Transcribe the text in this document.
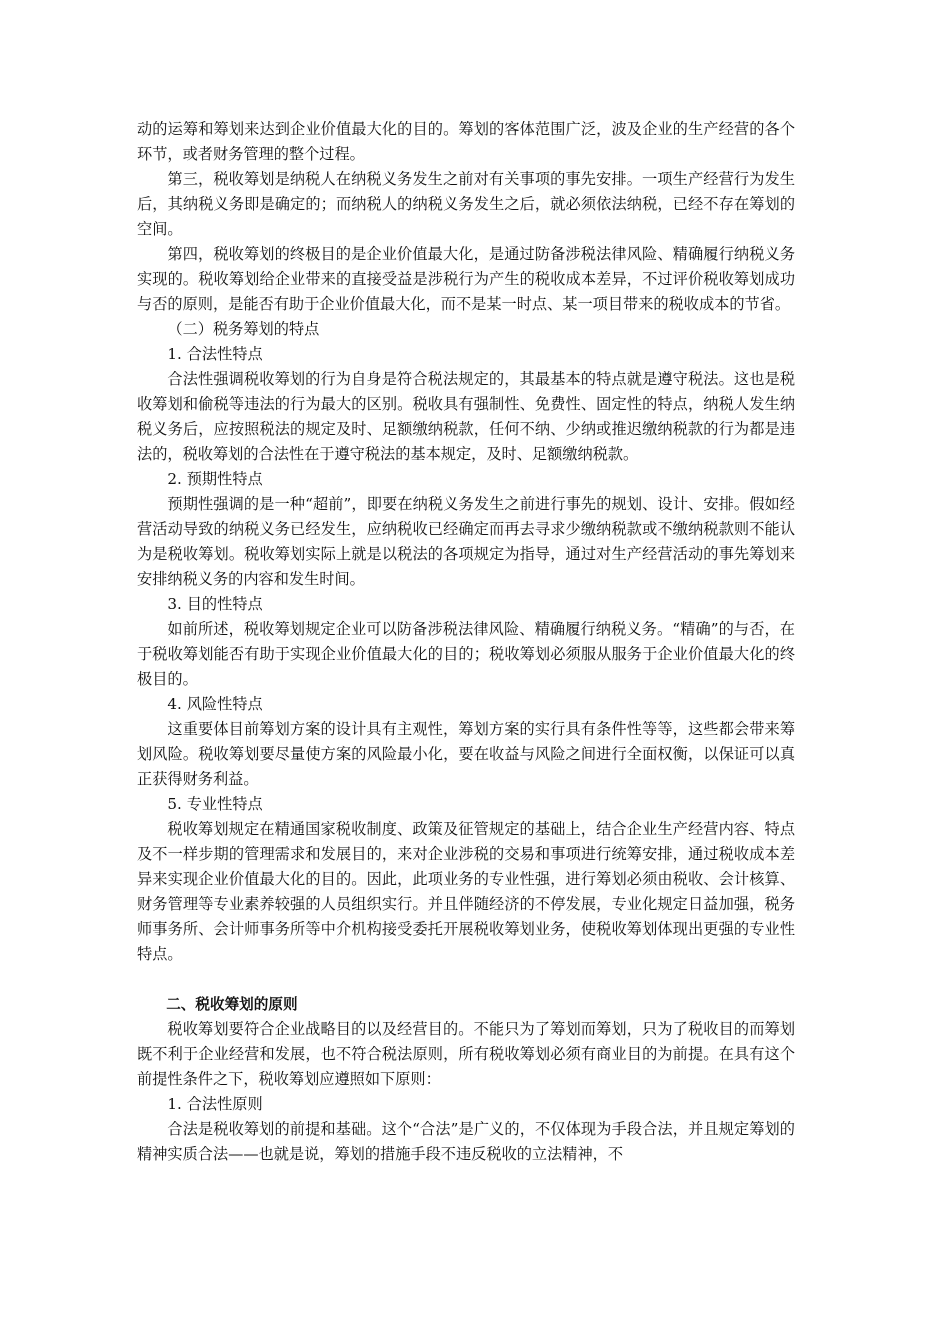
动的运筹和筹划来达到企业价值最大化的目的。筹划的客体范围广泛，波及企业的生产经营的各个环节，或者财务管理的整个过程。

第三，税收筹划是纳税人在纳税义务发生之前对有关事项的事先安排。一项生产经营行为发生后，其纳税义务即是确定的；而纳税人的纳税义务发生之后，就必须依法纳税，已经不存在筹划的空间。

第四，税收筹划的终极目的是企业价值最大化，是通过防备涉税法律风险、精确履行纳税义务实现的。税收筹划给企业带来的直接受益是涉税行为产生的税收成本差异，不过评价税收筹划成功与否的原则，是能否有助于企业价值最大化，而不是某一时点、某一项目带来的税收成本的节省。

（二）税务筹划的特点

1. 合法性特点

合法性强调税收筹划的行为自身是符合税法规定的，其最基本的特点就是遵守税法。这也是税收筹划和偷税等违法的行为最大的区别。税收具有强制性、免费性、固定性的特点，纳税人发生纳税义务后，应按照税法的规定及时、足额缴纳税款，任何不纳、少纳或推迟缴纳税款的行为都是违法的，税收筹划的合法性在于遵守税法的基本规定，及时、足额缴纳税款。

2. 预期性特点

预期性强调的是一种“超前”，即要在纳税义务发生之前进行事先的规划、设计、安排。假如经营活动导致的纳税义务已经发生，应纳税收已经确定而再去寻求少缴纳税款或不缴纳税款则不能认为是税收筹划。税收筹划实际上就是以税法的各项规定为指导，通过对生产经营活动的事先筹划来安排纳税义务的内容和发生时间。

3. 目的性特点

如前所述，税收筹划规定企业可以防备涉税法律风险、精确履行纳税义务。“精确”的与否，在于税收筹划能否有助于实现企业价值最大化的目的；税收筹划必须服从服务于企业价值最大化的终极目的。

4. 风险性特点

这重要体目前筹划方案的设计具有主观性，筹划方案的实行具有条件性等等，这些都会带来筹划风险。税收筹划要尽量使方案的风险最小化，要在收益与风险之间进行全面权衡，以保证可以真正获得财务利益。

5. 专业性特点

税收筹划规定在精通国家税收制度、政策及征管规定的基础上，结合企业生产经营内容、特点及不一样步期的管理需求和发展目的，来对企业涉税的交易和事项进行统筹安排，通过税收成本差异来实现企业价值最大化的目的。因此，此项业务的专业性强，进行筹划必须由税收、会计核算、财务管理等专业素养较强的人员组织实行。并且伴随经济的不停发展，专业化规定日益加强，税务师事务所、会计师事务所等中介机构接受委托开展税收筹划业务，使税收筹划体现出更强的专业性特点。

二、税收筹划的原则

税收筹划要符合企业战略目的以及经营目的。不能只为了筹划而筹划，只为了税收目的而筹划既不利于企业经营和发展，也不符合税法原则，所有税收筹划必须有商业目的为前提。在具有这个前提性条件之下，税收筹划应遵照如下原则：

1. 合法性原则

合法是税收筹划的前提和基础。这个“合法”是广义的，不仅体现为手段合法，并且规定筹划的精神实质合法——也就是说，筹划的措施手段不违反税收的立法精神，不
